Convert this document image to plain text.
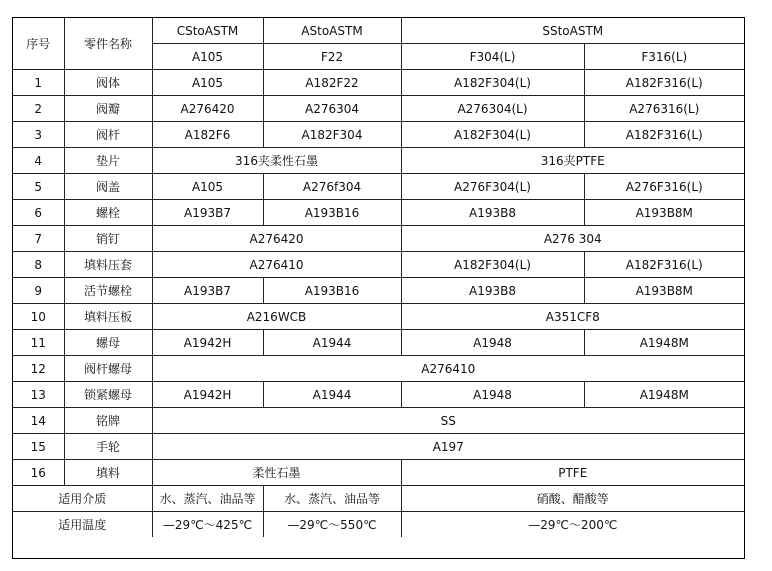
序号	零件名称	CStoASTM	AStoASTM	SStoASTM	
		A105	F22	F304(L)	F316(L)
1	阀体	A105	A182F22	A182F304(L)	A182F316(L)
2	阀瓣	A276420	A276304	A276304(L)	A276316(L)
3	阀杆	A182F6	A182F304	A182F304(L)	A182F316(L)
4	垫片	316夹柔性石墨		316夹PTFE	
5	阀盖	A105	A276f304	A276F304(L)	A276F316(L)
6	螺栓	A193B7	A193B16	A193B8	A193B8M
7	销钉	A276420		A276 304	
8	填料压套	A276410		A182F304(L)	A182F316(L)
9	活节螺栓	A193B7	A193B16	A193B8	A193B8M
10	填料压板	A216WCB		A351CF8	
11	螺母	A1942H	A1944	A1948	A1948M
12	阀杆螺母	A276410			
13	锁紧螺母	A1942H	A1944	A1948	A1948M
14	铭牌	SS			
15	手轮	A197			
16	填料	柔性石墨		PTFE	
适用介质		水、蒸汽、油品等	水、蒸汽、油品等	硝酸、醋酸等	
适用温度		—29℃～425℃	—29℃～550℃	—29℃～200℃	
